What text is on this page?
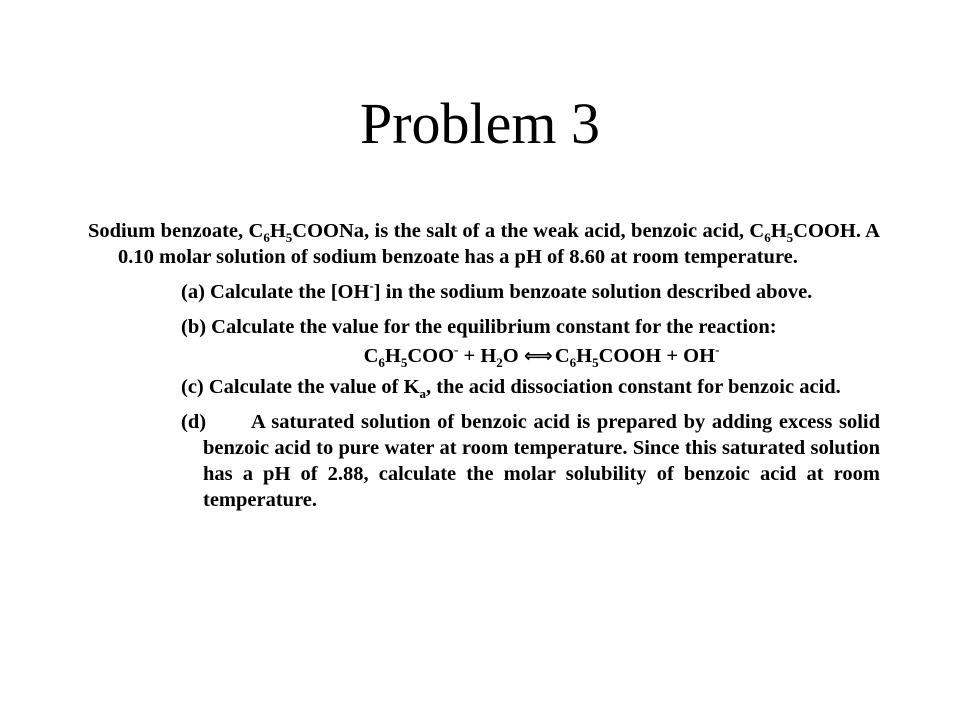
Problem 3

Sodium benzoate, $C_6H_5COONa$, is the salt of a the weak acid, benzoic acid, $C_6H_5COOH$. A 0.10 molar solution of sodium benzoate has a pH of 8.60 at room temperature.

(a) Calculate the [OH-] in the sodium benzoate solution described above.

(b) Calculate the value for the equilibrium constant for the reaction:

$C_6H_5COO^- + H_2O$ ⇐⇒ $C_6H_5COOH + OH^-$

(c) Calculate the value of $K_a$, the acid dissociation constant for benzoic acid.

(d) A saturated solution of benzoic acid is prepared by adding excess solid benzoic acid to pure water at room temperature. Since this saturated solution has a pH of 2.88, calculate the molar solubility of benzoic acid at room temperature.
